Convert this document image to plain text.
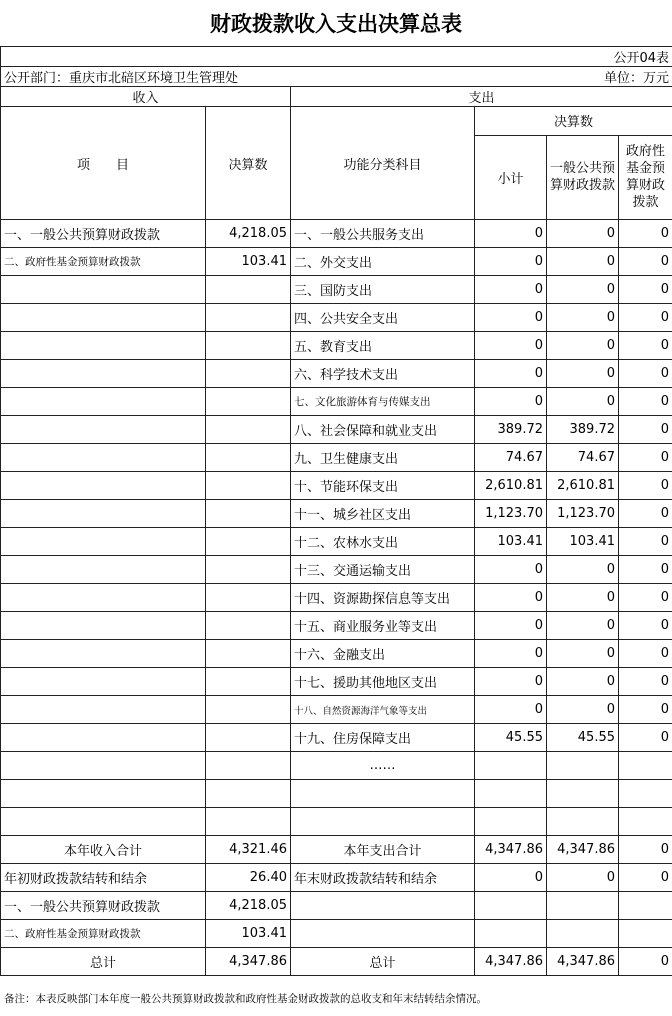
财政拨款收入支出决算总表
				公开04表	
公开部门：重庆市北碚区环境卫生管理处				单位：万元	
收入		支出			
项　　目	决算数	功能分类科目	决算数		
			小计	一般公共预算财政拨款	政府性基金预算财政拨款
一、一般公共预算财政拨款	4,218.05	一、一般公共服务支出	0	0	0
二、政府性基金预算财政拨款	103.41	二、外交支出	0	0	0
		三、国防支出	0	0	0
		四、公共安全支出	0	0	0
		五、教育支出	0	0	0
		六、科学技术支出	0	0	0
		七、文化旅游体育与传媒支出	0	0	0
		八、社会保障和就业支出	389.72	389.72	0
		九、卫生健康支出	74.67	74.67	0
		十、节能环保支出	2,610.81	2,610.81	0
		十一、城乡社区支出	1,123.70	1,123.70	0
		十二、农林水支出	103.41	103.41	0
		十三、交通运输支出	0	0	0
		十四、资源勘探信息等支出	0	0	0
		十五、商业服务业等支出	0	0	0
		十六、金融支出	0	0	0
		十七、援助其他地区支出	0	0	0
		十八、自然资源海洋气象等支出	0	0	0
		十九、住房保障支出	45.55	45.55	0
		……			

本年收入合计	4,321.46	本年支出合计	4,347.86	4,347.86	0
年初财政拨款结转和结余	26.40	年末财政拨款结转和结余	0	0	0
一、一般公共预算财政拨款	4,218.05				
二、政府性基金预算财政拨款	103.41				
总计	4,347.86	总计	4,347.86	4,347.86	0
备注：本表反映部门本年度一般公共预算财政拨款和政府性基金财政拨款的总收支和年末结转结余情况。
